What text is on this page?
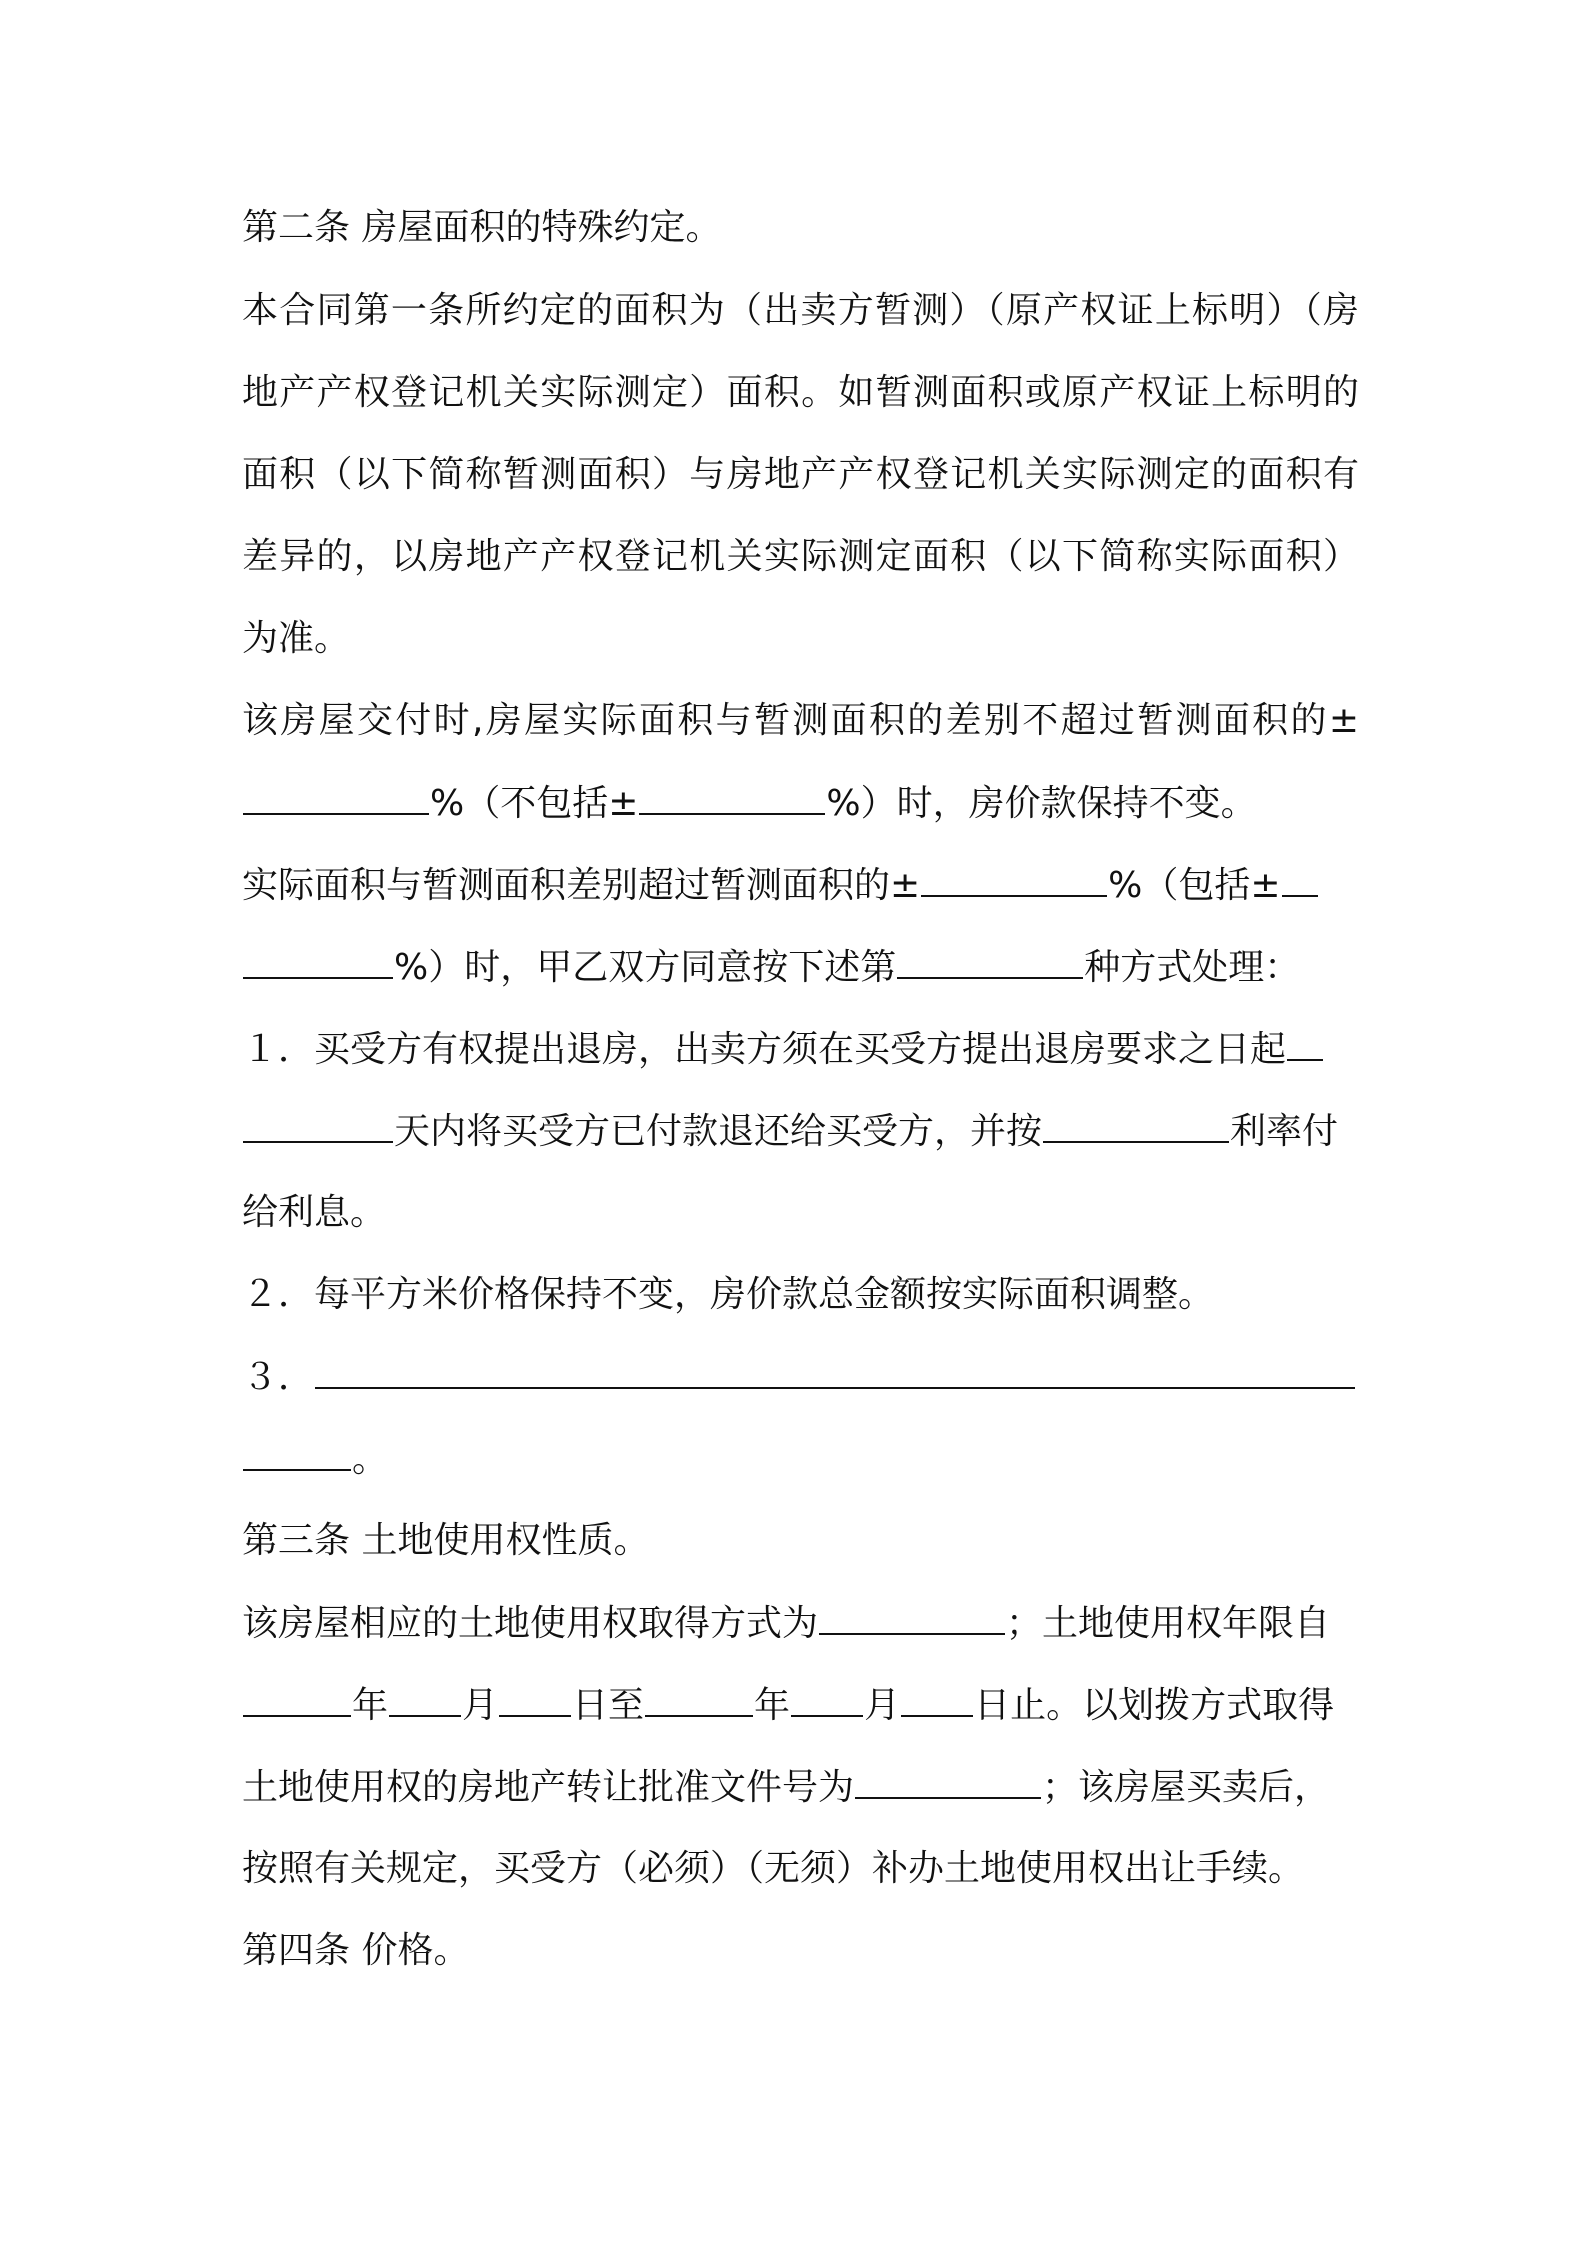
第二条 房屋面积的特殊约定。
本合同第一条所约定的面积为（出卖方暂测）（原产权证上标明）（房
地产产权登记机关实际测定）面积。如暂测面积或原产权证上标明的
面积（以下简称暂测面积）与房地产产权登记机关实际测定的面积有
差异的，以房地产产权登记机关实际测定面积（以下简称实际面积）
为准。
该房屋交付时,房屋实际面积与暂测面积的差别不超过暂测面积的±
%（不包括±	%）时，房价款保持不变。
实际面积与暂测面积差别超过暂测面积的±	%（包括±
%）时，甲乙双方同意按下述第	种方式处理：
１．买受方有权提出退房，出卖方须在买受方提出退房要求之日起
天内将买受方已付款退还给买受方，并按	利率付
给利息。
２．每平方米价格保持不变，房价款总金额按实际面积调整。
３．
。
第三条 土地使用权性质。
该房屋相应的土地使用权取得方式为	；土地使用权年限自
年 月 日至	年 月 日止。以划拨方式取得
土地使用权的房地产转让批准文件号为	；该房屋买卖后，
按照有关规定，买受方（必须）（无须）补办土地使用权出让手续。
第四条 价格。
